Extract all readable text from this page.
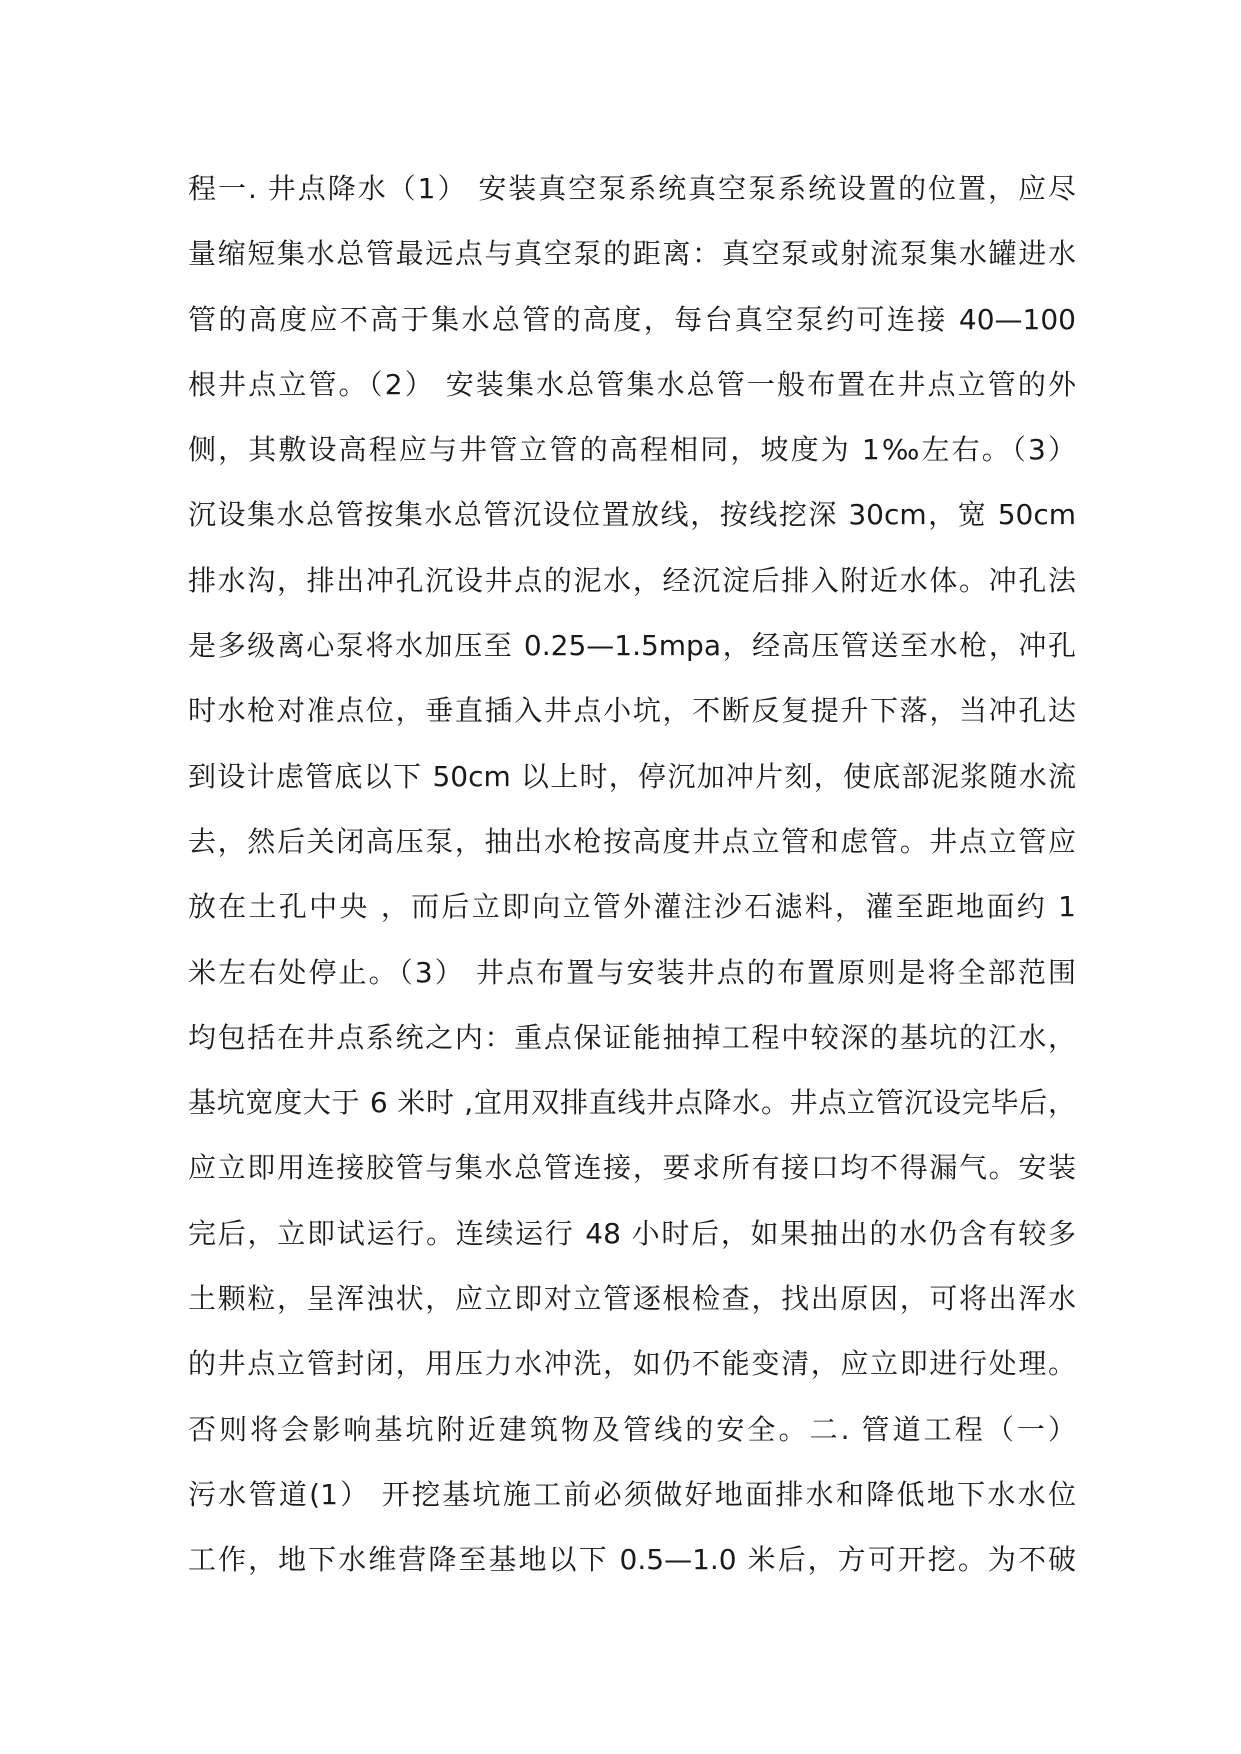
程一. 井点降水（1） 安装真空泵系统真空泵系统设置的位置，应尽
量缩短集水总管最远点与真空泵的距离：真空泵或射流泵集水罐进水
管的高度应不高于集水总管的高度，每台真空泵约可连接 40—100
根井点立管。（2） 安装集水总管集水总管一般布置在井点立管的外
侧，其敷设高程应与井管立管的高程相同，坡度为 1‰左右。（3）
沉设集水总管按集水总管沉设位置放线，按线挖深 30cm，宽 50cm
排水沟，排出冲孔沉设井点的泥水，经沉淀后排入附近水体。冲孔法
是多级离心泵将水加压至 0.25—1.5mpa，经高压管送至水枪，冲孔
时水枪对准点位，垂直插入井点小坑，不断反复提升下落，当冲孔达
到设计虑管底以下 50cm 以上时，停沉加冲片刻，使底部泥浆随水流
去，然后关闭高压泵，抽出水枪按高度井点立管和虑管。井点立管应
放在土孔中央 ，而后立即向立管外灌注沙石滤料，灌至距地面约 1
米左右处停止。（3） 井点布置与安装井点的布置原则是将全部范围
均包括在井点系统之内：重点保证能抽掉工程中较深的基坑的江水，
基坑宽度大于 6 米时 ,宜用双排直线井点降水。井点立管沉设完毕后，
应立即用连接胶管与集水总管连接，要求所有接口均不得漏气。安装
完后，立即试运行。连续运行 48 小时后，如果抽出的水仍含有较多
土颗粒，呈浑浊状，应立即对立管逐根检查，找出原因，可将出浑水
的井点立管封闭，用压力水冲洗，如仍不能变清，应立即进行处理。
否则将会影响基坑附近建筑物及管线的安全。二. 管道工程（一）
污水管道(1） 开挖基坑施工前必须做好地面排水和降低地下水水位
工作，地下水维营降至基地以下 0.5—1.0 米后，方可开挖。为不破
